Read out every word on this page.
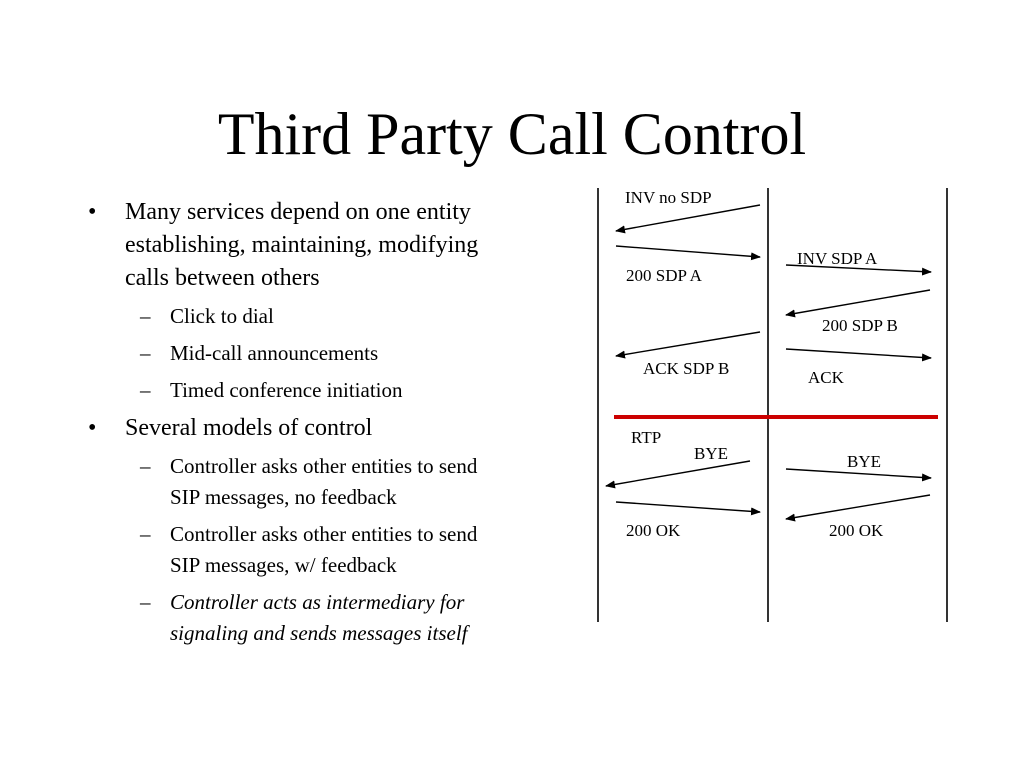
Third Party Call Control
• Many services depend on one entity establishing, maintaining, modifying calls between others
– Click to dial
– Mid-call announcements
– Timed conference initiation
• Several models of control
– Controller asks other entities to send SIP messages, no feedback
– Controller asks other entities to send SIP messages, w/ feedback
– Controller acts as intermediary for signaling and sends messages itself
INV no SDP
INV SDP A
200 SDP A
200 SDP B
ACK SDP B	ACK
RTP
BYE	BYE
200 OK	200 OK
